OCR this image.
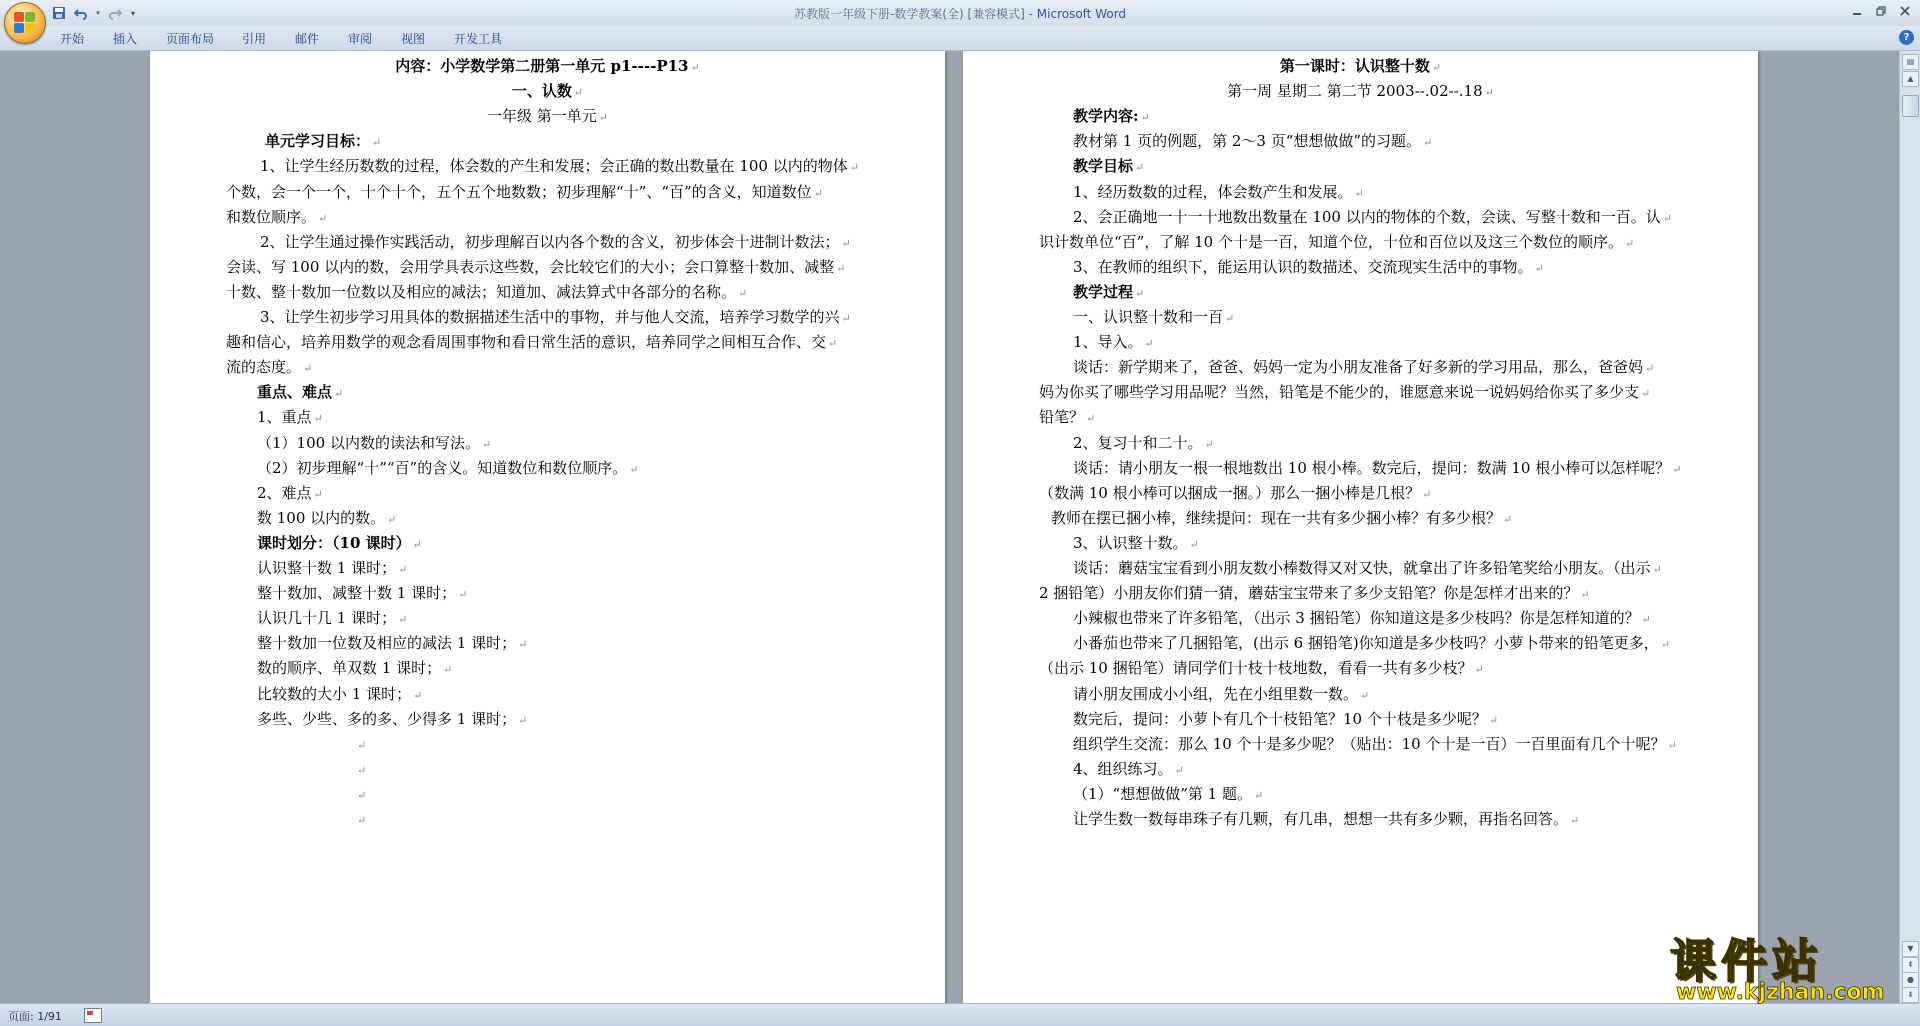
▾	▾	苏教版一年级下册-数学教案(全) [兼容模式] - Microsoft Word
开始 插入 页面布局 引用 邮件 审阅 视图 开发工具	?
内容：小学数学第二册第一单元 p1----P13 ↵
一、认数 ↵
一年级 第一单元 ↵
单元学习目标： ↵
1、让学生经历数数的过程，体会数的产生和发展；会正确的数出数量在 100 以内的物体 ↵
个数，会一个一个，十个十个，五个五个地数数；初步理解“十”、“百”的含义，知道数位 ↵
和数位顺序。 ↵
2、让学生通过操作实践活动，初步理解百以内各个数的含义，初步体会十进制计数法； ↵
会读、写 100 以内的数，会用学具表示这些数，会比较它们的大小；会口算整十数加、减整 ↵
十数、整十数加一位数以及相应的减法；知道加、减法算式中各部分的名称。 ↵
3、让学生初步学习用具体的数据描述生活中的事物，并与他人交流，培养学习数学的兴 ↵
趣和信心，培养用数学的观念看周围事物和看日常生活的意识，培养同学之间相互合作、交 ↵
流的态度。 ↵
重点、难点 ↵
1、重点 ↵
（1）100 以内数的读法和写法。 ↵
（2）初步理解“十”“百”的含义。知道数位和数位顺序。 ↵
2、难点 ↵
数 100 以内的数。 ↵
课时划分：（10 课时） ↵
认识整十数 1 课时； ↵
整十数加、减整十数 1 课时； ↵
认识几十几 1 课时； ↵
整十数加一位数及相应的减法 1 课时； ↵
数的顺序、单双数 1 课时； ↵
比较数的大小 1 课时； ↵
多些、少些、多的多、少得多 1 课时； ↵
↵
↵
↵
↵
第一课时：认识整十数 ↵
第一周 星期二 第二节 2003--.02--.18 ↵
教学内容: ↵
教材第 1 页的例题，第 2～3 页“想想做做”的习题。 ↵
教学目标 ↵
1、经历数数的过程，体会数产生和发展。 ↵
2、会正确地一十一十地数出数量在 100 以内的物体的个数，会读、写整十数和一百。认 ↵
识计数单位“百”，了解 10 个十是一百，知道个位，十位和百位以及这三个数位的顺序。 ↵
3、在教师的组织下，能运用认识的数描述、交流现实生活中的事物。 ↵
教学过程 ↵
一、认识整十数和一百 ↵
1、导入。 ↵
谈话：新学期来了，爸爸、妈妈一定为小朋友准备了好多新的学习用品，那么，爸爸妈 ↵
妈为你买了哪些学习用品呢？当然，铅笔是不能少的，谁愿意来说一说妈妈给你买了多少支 ↵
铅笔？ ↵
2、复习十和二十。 ↵
谈话：请小朋友一根一根地数出 10 根小棒。数完后，提问：数满 10 根小棒可以怎样呢？ ↵
（数满 10 根小棒可以捆成一捆。）那么一捆小棒是几根？ ↵
教师在摆已捆小棒，继续提问：现在一共有多少捆小棒？有多少根？ ↵
3、认识整十数。 ↵
谈话：蘑菇宝宝看到小朋友数小棒数得又对又快，就拿出了许多铅笔奖给小朋友。（出示 ↵
2 捆铅笔）小朋友你们猜一猜，蘑菇宝宝带来了多少支铅笔？你是怎样才出来的？ ↵
小辣椒也带来了许多铅笔，（出示 3 捆铅笔）你知道这是多少枝吗？你是怎样知道的？ ↵
小番茄也带来了几捆铅笔，(出示 6 捆铅笔)你知道是多少枝吗？小萝卜带来的铅笔更多， ↵
（出示 10 捆铅笔）请同学们十枝十枝地数，看看一共有多少枝？ ↵
请小朋友围成小小组，先在小组里数一数。 ↵
数完后，提问：小萝卜有几个十枝铅笔？10 个十枝是多少呢？ ↵
组织学生交流：那么 10 个十是多少呢？（贴出：10 个十是一百）一百里面有几个十呢？ ↵
4、组织练习。 ↵
（1）“想想做做”第 1 题。 ↵
让学生数一数每串珠子有几颗，有几串，想想一共有多少颗，再指名回答。 ↵
▤
▲
▼
⇞
●
⇟
页面: 1/91
课件站
www.kjzhan.com
